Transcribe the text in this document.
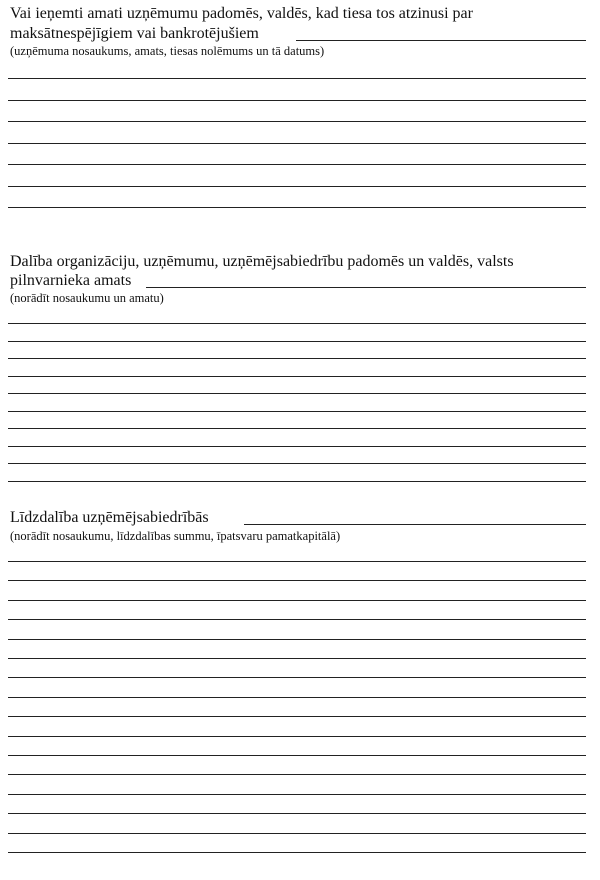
Vai ieņemti amati uzņēmumu padomēs, valdēs, kad tiesa tos atzinusi par
maksātnespējīgiem vai bankrotējušiem
(uzņēmuma nosaukums, amats, tiesas nolēmums un tā datums)
Dalība organizāciju, uzņēmumu, uzņēmējsabiedrību padomēs un valdēs, valsts
pilnvarnieka amats
(norādīt nosaukumu un amatu)
Līdzdalība uzņēmējsabiedrībās
(norādīt nosaukumu, līdzdalības summu, īpatsvaru pamatkapitālā)
